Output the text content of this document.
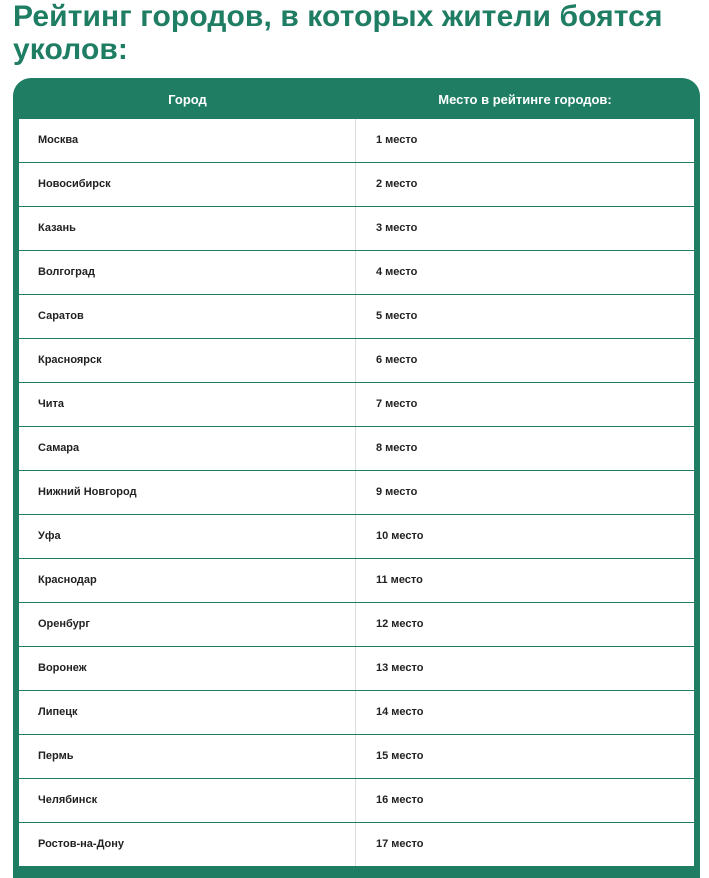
Рейтинг городов, в которых жители боятся уколов:
Город	Место в рейтинге городов:
Москва	1 место
Новосибирск	2 место
Казань	3 место
Волгоград	4 место
Саратов	5 место
Красноярск	6 место
Чита	7 место
Самара	8 место
Нижний Новгород	9 место
Уфа	10 место
Краснодар	11 место
Оренбург	12 место
Воронеж	13 место
Липецк	14 место
Пермь	15 место
Челябинск	16 место
Ростов-на-Дону	17 место
